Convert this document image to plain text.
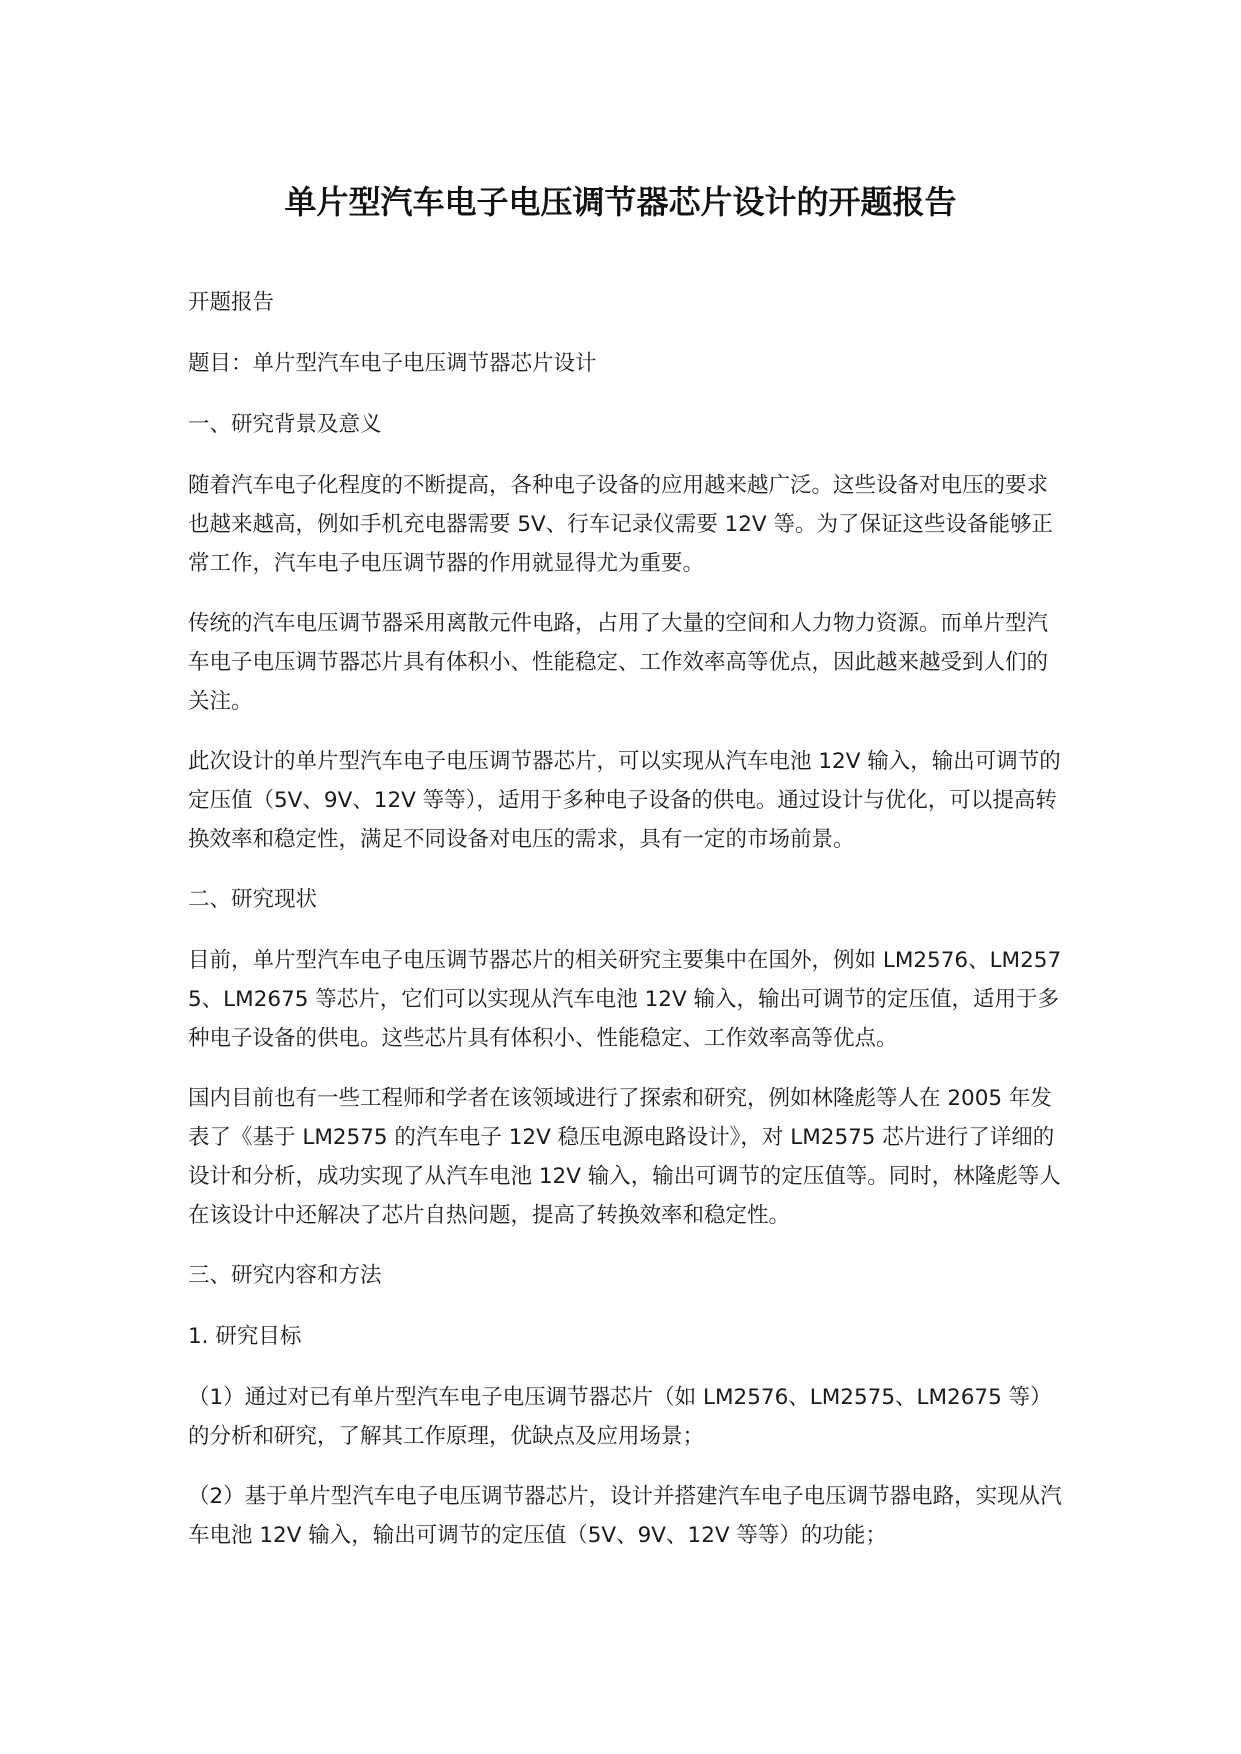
单片型汽车电子电压调节器芯片设计的开题报告

开题报告

题目：单片型汽车电子电压调节器芯片设计

一、研究背景及意义

随着汽车电子化程度的不断提高，各种电子设备的应用越来越广泛。这些设备对电压的要求也越来越高，例如手机充电器需要 5V、行车记录仪需要 12V 等。为了保证这些设备能够正常工作，汽车电子电压调节器的作用就显得尤为重要。

传统的汽车电压调节器采用离散元件电路，占用了大量的空间和人力物力资源。而单片型汽车电子电压调节器芯片具有体积小、性能稳定、工作效率高等优点，因此越来越受到人们的关注。

此次设计的单片型汽车电子电压调节器芯片，可以实现从汽车电池 12V 输入，输出可调节的定压值（5V、9V、12V 等等），适用于多种电子设备的供电。通过设计与优化，可以提高转换效率和稳定性，满足不同设备对电压的需求，具有一定的市场前景。

二、研究现状

目前，单片型汽车电子电压调节器芯片的相关研究主要集中在国外，例如 LM2576、LM2575、LM2675 等芯片，它们可以实现从汽车电池 12V 输入，输出可调节的定压值，适用于多种电子设备的供电。这些芯片具有体积小、性能稳定、工作效率高等优点。

国内目前也有一些工程师和学者在该领域进行了探索和研究，例如林隆彪等人在 2005 年发表了《基于 LM2575 的汽车电子 12V 稳压电源电路设计》，对 LM2575 芯片进行了详细的设计和分析，成功实现了从汽车电池 12V 输入，输出可调节的定压值等。同时，林隆彪等人在该设计中还解决了芯片自热问题，提高了转换效率和稳定性。

三、研究内容和方法

1. 研究目标

（1）通过对已有单片型汽车电子电压调节器芯片（如 LM2576、LM2575、LM2675 等）的分析和研究，了解其工作原理，优缺点及应用场景；

（2）基于单片型汽车电子电压调节器芯片，设计并搭建汽车电子电压调节器电路，实现从汽车电池 12V 输入，输出可调节的定压值（5V、9V、12V 等等）的功能；
